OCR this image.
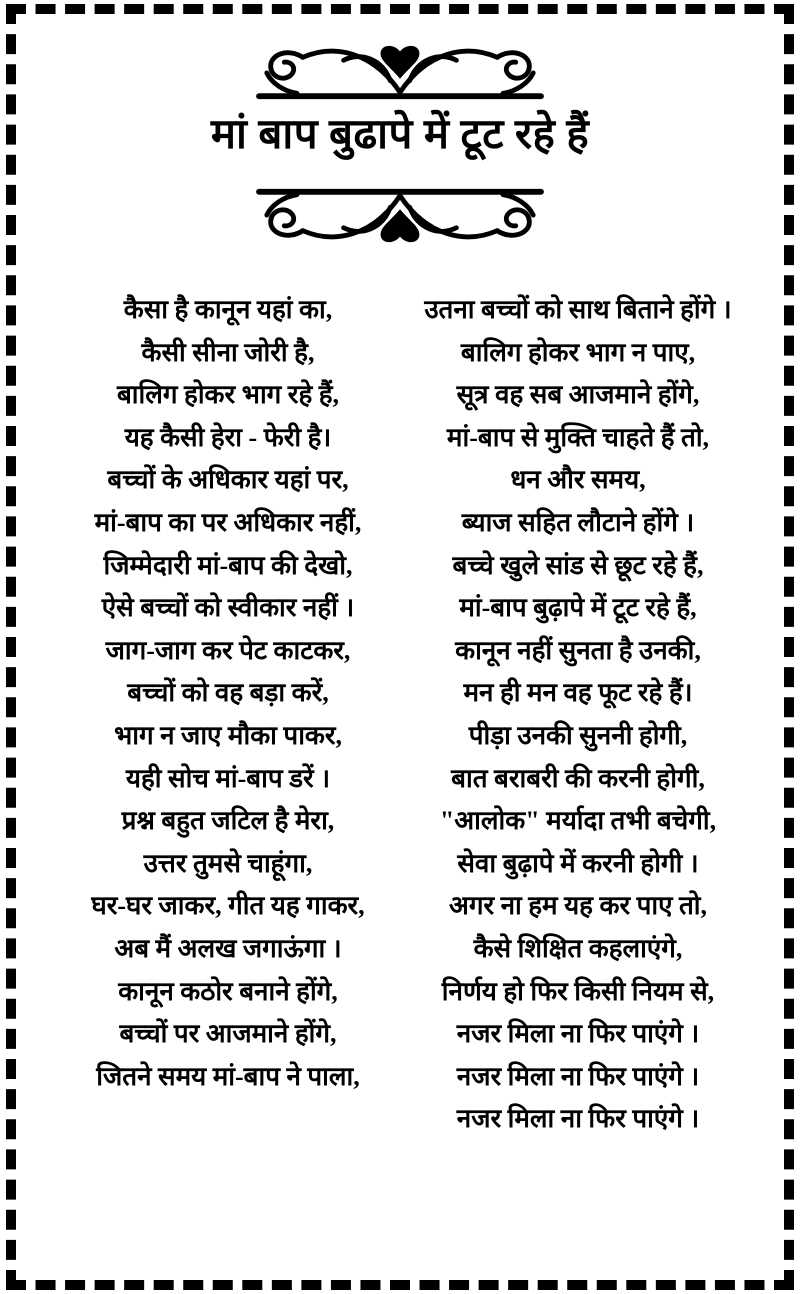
मां बाप बुढापे में टूट रहे हैं

कैसा है कानून यहां का,

कैसी सीना जोरी है,

बालिग होकर भाग रहे हैं,

यह कैसी हेरा - फेरी है।

बच्चों के अधिकार यहां पर,

मां-बाप का पर अधिकार नहीं,

जिम्मेदारी मां-बाप की देखो,

ऐसे बच्चों को स्वीकार नहीं ।

जाग-जाग कर पेट काटकर,

बच्चों को वह बड़ा करें,

भाग न जाए मौका पाकर,

यही सोच मां-बाप डरें ।

प्रश्न बहुत जटिल है मेरा,

उत्तर तुमसे चाहूंगा,

घर-घर जाकर, गीत यह गाकर,

अब मैं अलख जगाऊंगा ।

कानून कठोर बनाने होंगे,

बच्चों पर आजमाने होंगे,

जितने समय मां-बाप ने पाला,

उतना बच्चों को साथ बिताने होंगे ।

बालिग होकर भाग न पाए,

सूत्र वह सब आजमाने होंगे,

मां-बाप से मुक्ति चाहते हैं तो,

धन और समय,

ब्याज सहित लौटाने होंगे ।

बच्चे खुले सांड से छूट रहे हैं,

मां-बाप बुढ़ापे में टूट रहे हैं,

कानून नहीं सुनता है उनकी,

मन ही मन वह फूट रहे हैं।

पीड़ा उनकी सुननी होगी,

बात बराबरी की करनी होगी,

"आलोक" मर्यादा तभी बचेगी,

सेवा बुढ़ापे में करनी होगी ।

अगर ना हम यह कर पाए तो,

कैसे शिक्षित कहलाएंगे,

निर्णय हो फिर किसी नियम से,

नजर मिला ना फिर पाएंगे ।

नजर मिला ना फिर पाएंगे ।

नजर मिला ना फिर पाएंगे ।
